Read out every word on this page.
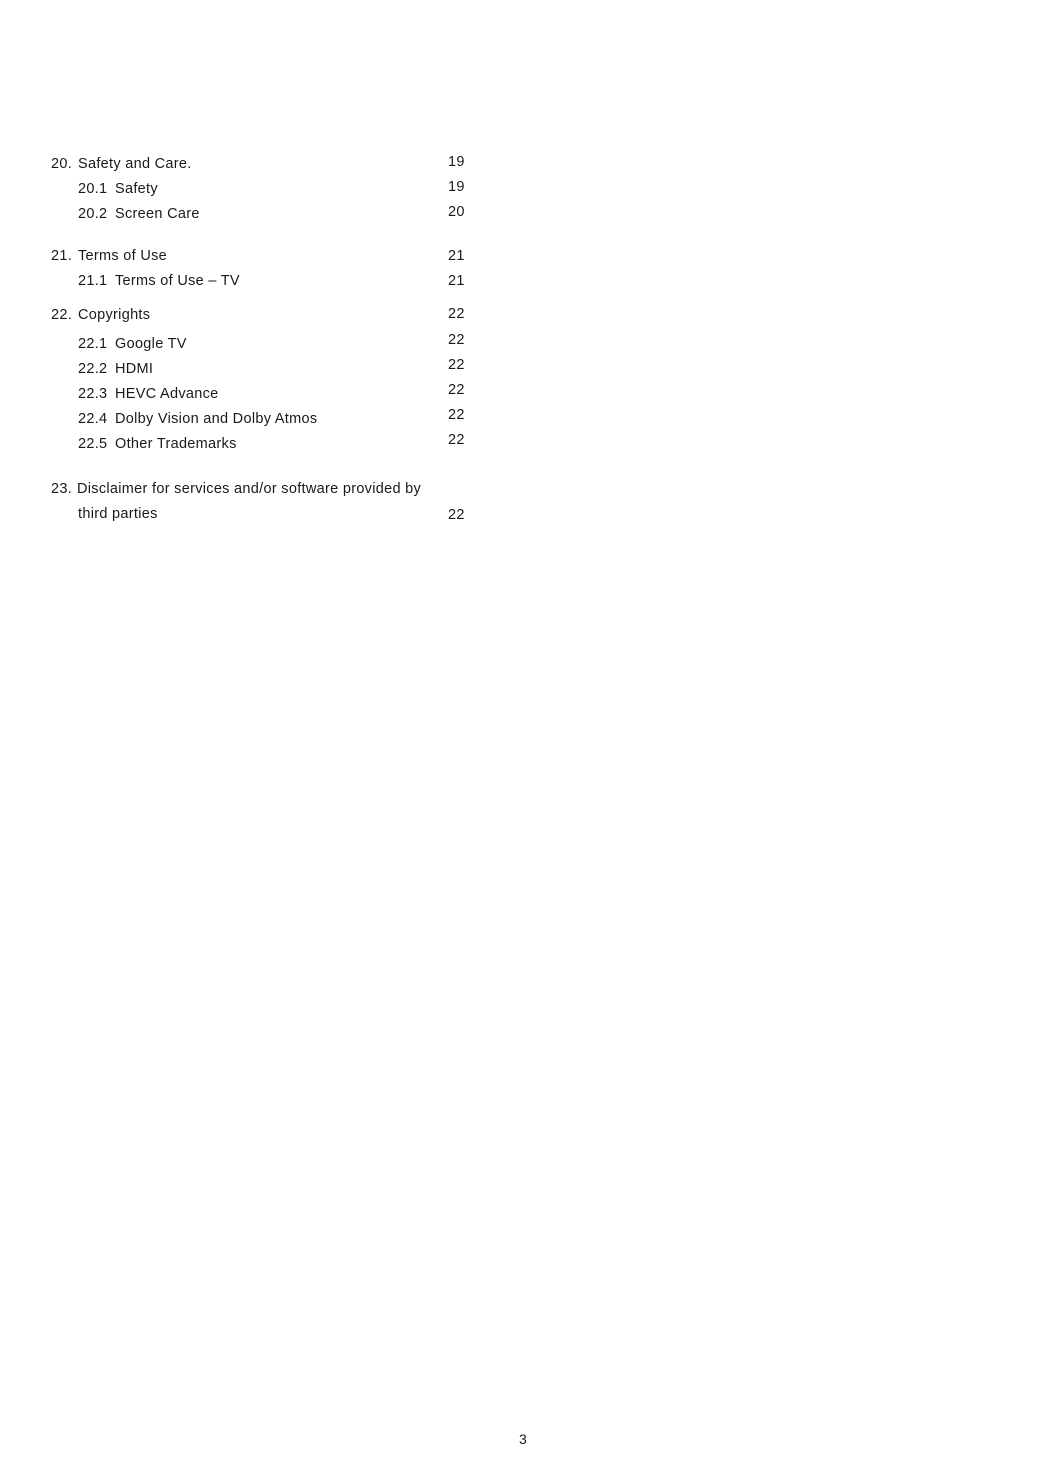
20. Safety and Care.	19
20.1 Safety	19
20.2 Screen Care	20
21. Terms of Use	21
21.1 Terms of Use – TV	21
22. Copyrights	22
22.1 Google TV	22
22.2 HDMI	22
22.3 HEVC Advance	22
22.4 Dolby Vision and Dolby Atmos	22
22.5 Other Trademarks	22
23. Disclaimer for services and/or software provided by
third parties	22
3
